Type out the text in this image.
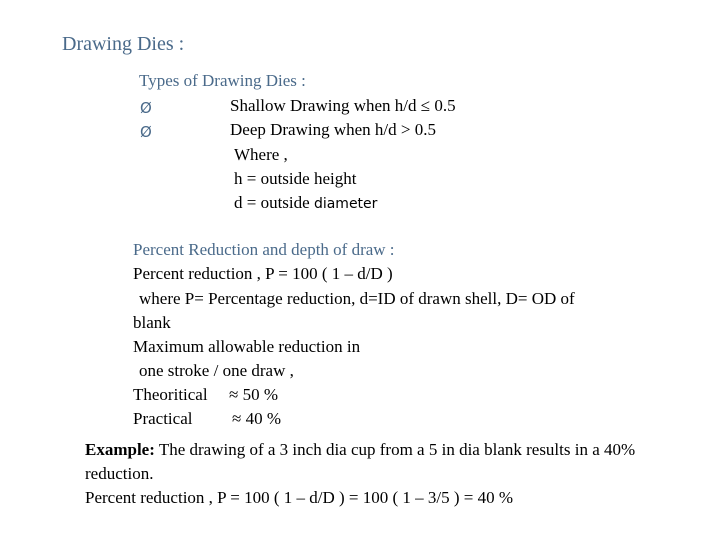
Drawing Dies :
Types of Drawing Dies :
Ø	Shallow Drawing when h/d ≤ 0.5
Ø	Deep Drawing when h/d > 0.5
Where ,
h = outside height
d = outside diameter
Percent Reduction and depth of draw :
Percent reduction , P = 100 ( 1 – d/D )
where P= Percentage reduction, d=ID of drawn shell, D= OD of
blank
Maximum allowable reduction in
one stroke / one draw ,
Theoritical ≈ 50 %
Practical ≈ 40 %
Example: The drawing of a 3 inch dia cup from a 5 in dia blank results in a 40% reduction.
Percent reduction , P = 100 ( 1 – d/D ) = 100 ( 1 – 3/5 ) = 40 %
